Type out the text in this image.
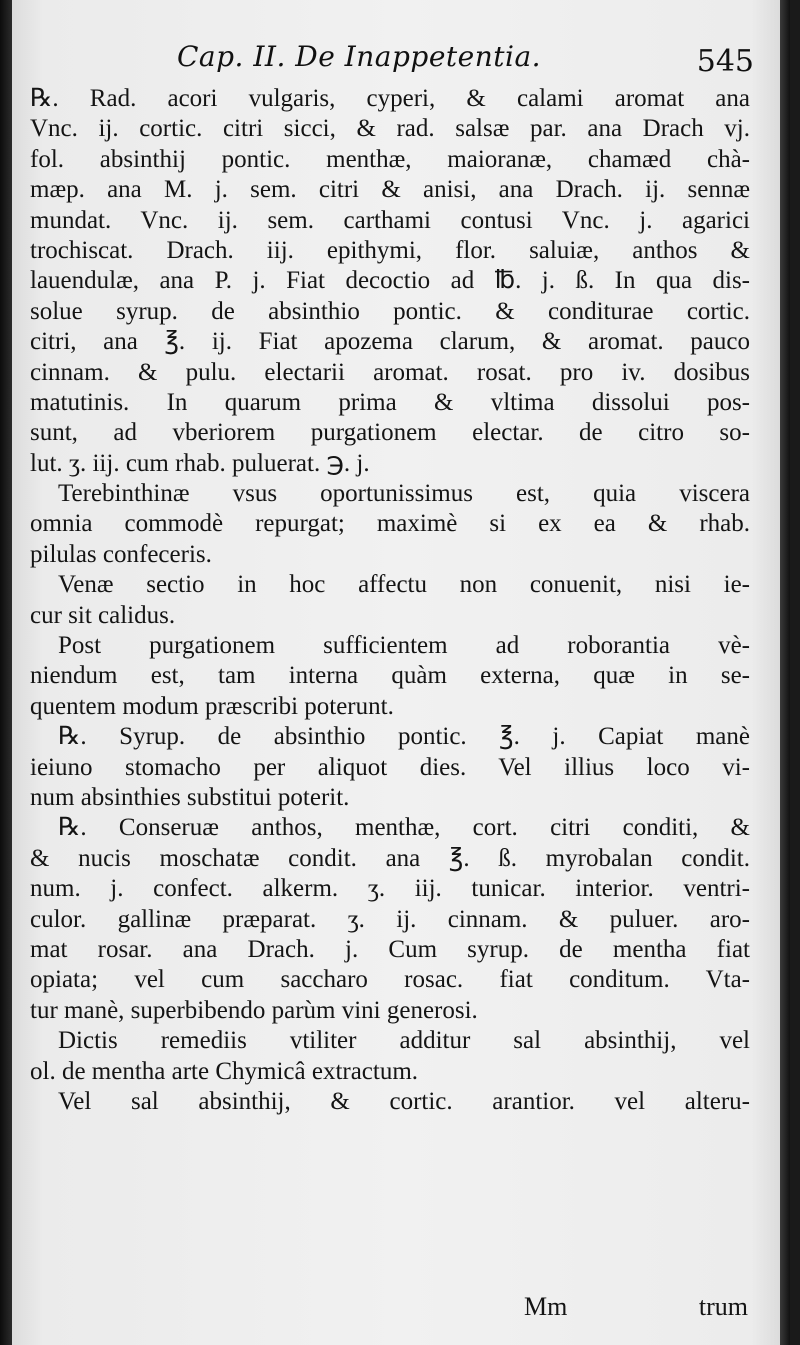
Cap. II. De Inappetentia.	545
℞. Rad. acori vulgaris, cyperi, & calami aromat ana
Vnc. ij. cortic. citri sicci, & rad. salsæ par. ana Drach vj.
fol. absinthij pontic. menthæ, maioranæ, chamæd chà-
mæp. ana M. j. sem. citri & anisi, ana Drach. ij. sennæ
mundat. Vnc. ij. sem. carthami contusi Vnc. j. agarici
trochiscat. Drach. iij. epithymi, flor. saluiæ, anthos &
lauendulæ, ana P. j. Fiat decoctio ad ℔. j. ß. In qua dis-
solue syrup. de absinthio pontic. & conditurae cortic.
citri, ana ℥. ij. Fiat apozema clarum, & aromat. pauco
cinnam. & pulu. electarii aromat. rosat. pro iv. dosibus
matutinis. In quarum prima & vltima dissolui pos-
sunt, ad vberiorem purgationem electar. de citro so-
lut. ʒ. iij. cum rhab. puluerat. ℈. j.
Terebinthinæ vsus oportunissimus est, quia viscera
omnia commodè repurgat; maximè si ex ea & rhab.
pilulas confeceris.
Venæ sectio in hoc affectu non conuenit, nisi ie-
cur sit calidus.
Post purgationem sufficientem ad roborantia vè-
niendum est, tam interna quàm externa, quæ in se-
quentem modum præscribi poterunt.
℞. Syrup. de absinthio pontic. ℥. j. Capiat manè
ieiuno stomacho per aliquot dies. Vel illius loco vi-
num absinthies substitui poterit.
℞. Conseruæ anthos, menthæ, cort. citri conditi, &
& nucis moschatæ condit. ana ℥. ß. myrobalan condit.
num. j. confect. alkerm. ʒ. iij. tunicar. interior. ventri-
culor. gallinæ præparat. ʒ. ij. cinnam. & puluer. aro-
mat rosar. ana Drach. j. Cum syrup. de mentha fiat
opiata; vel cum saccharo rosac. fiat conditum. Vta-
tur manè, superbibendo parùm vini generosi.
Dictis remediis vtiliter additur sal absinthij, vel
ol. de mentha arte Chymicâ extractum.
Vel sal absinthij, & cortic. arantior. vel alteru-
Mm	trum
